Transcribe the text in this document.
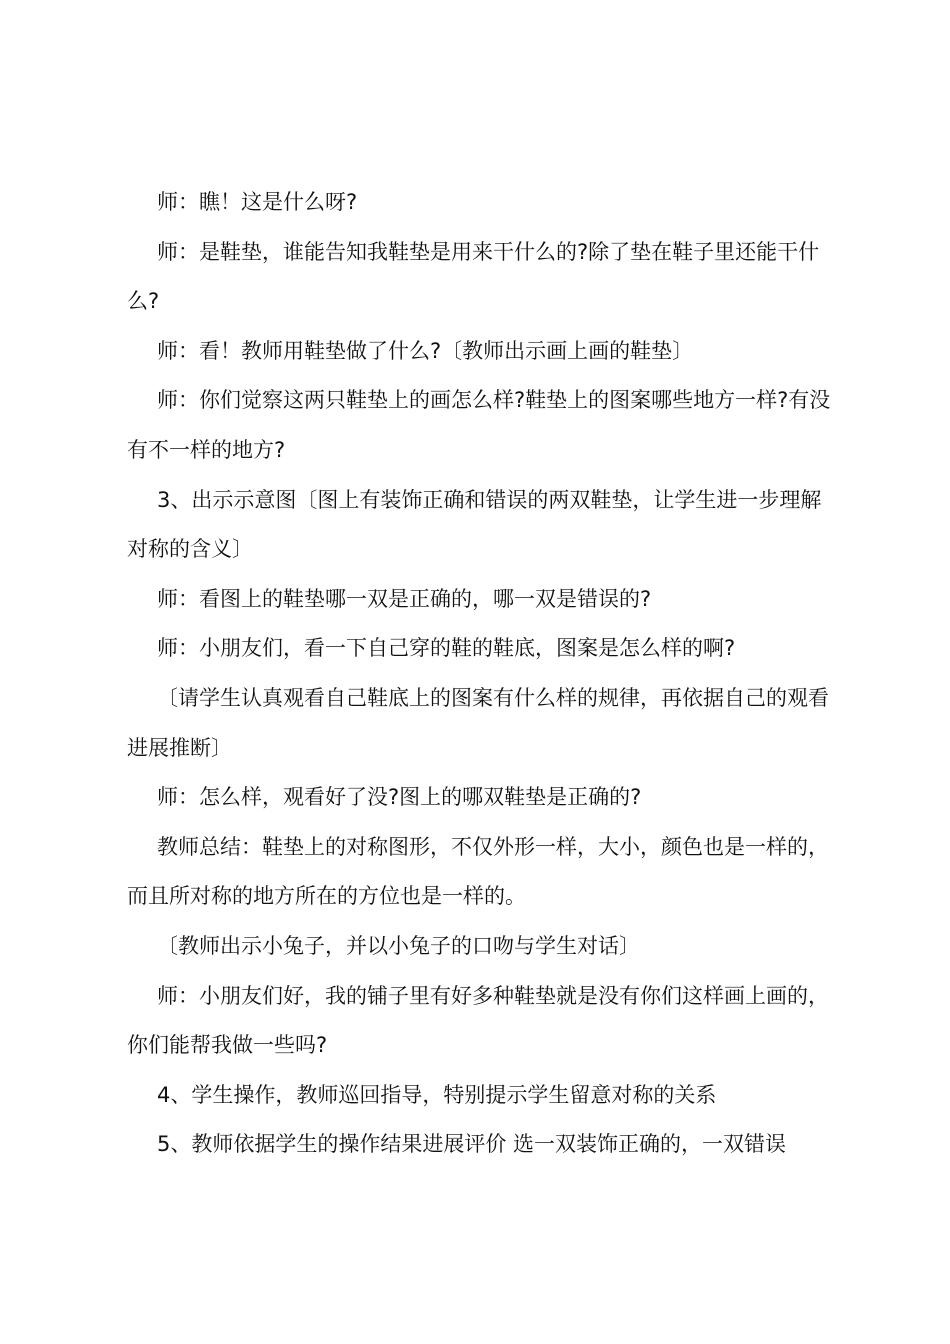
师：瞧！这是什么呀?

师：是鞋垫，谁能告知我鞋垫是用来干什么的?除了垫在鞋子里还能干什么?

师：看！教师用鞋垫做了什么?〔教师出示画上画的鞋垫〕

师：你们觉察这两只鞋垫上的画怎么样?鞋垫上的图案哪些地方一样?有没有不一样的地方?

3、出示示意图〔图上有装饰正确和错误的两双鞋垫，让学生进一步理解对称的含义〕

师：看图上的鞋垫哪一双是正确的，哪一双是错误的?

师：小朋友们，看一下自己穿的鞋的鞋底，图案是怎么样的啊?

〔请学生认真观看自己鞋底上的图案有什么样的规律，再依据自己的观看进展推断〕

师：怎么样，观看好了没?图上的哪双鞋垫是正确的?

教师总结：鞋垫上的对称图形，不仅外形一样，大小，颜色也是一样的，而且所对称的地方所在的方位也是一样的。

〔教师出示小兔子，并以小兔子的口吻与学生对话〕

师：小朋友们好，我的铺子里有好多种鞋垫就是没有你们这样画上画的，你们能帮我做一些吗?

4、学生操作，教师巡回指导，特别提示学生留意对称的关系

5、教师依据学生的操作结果进展评价 选一双装饰正确的，一双错误
